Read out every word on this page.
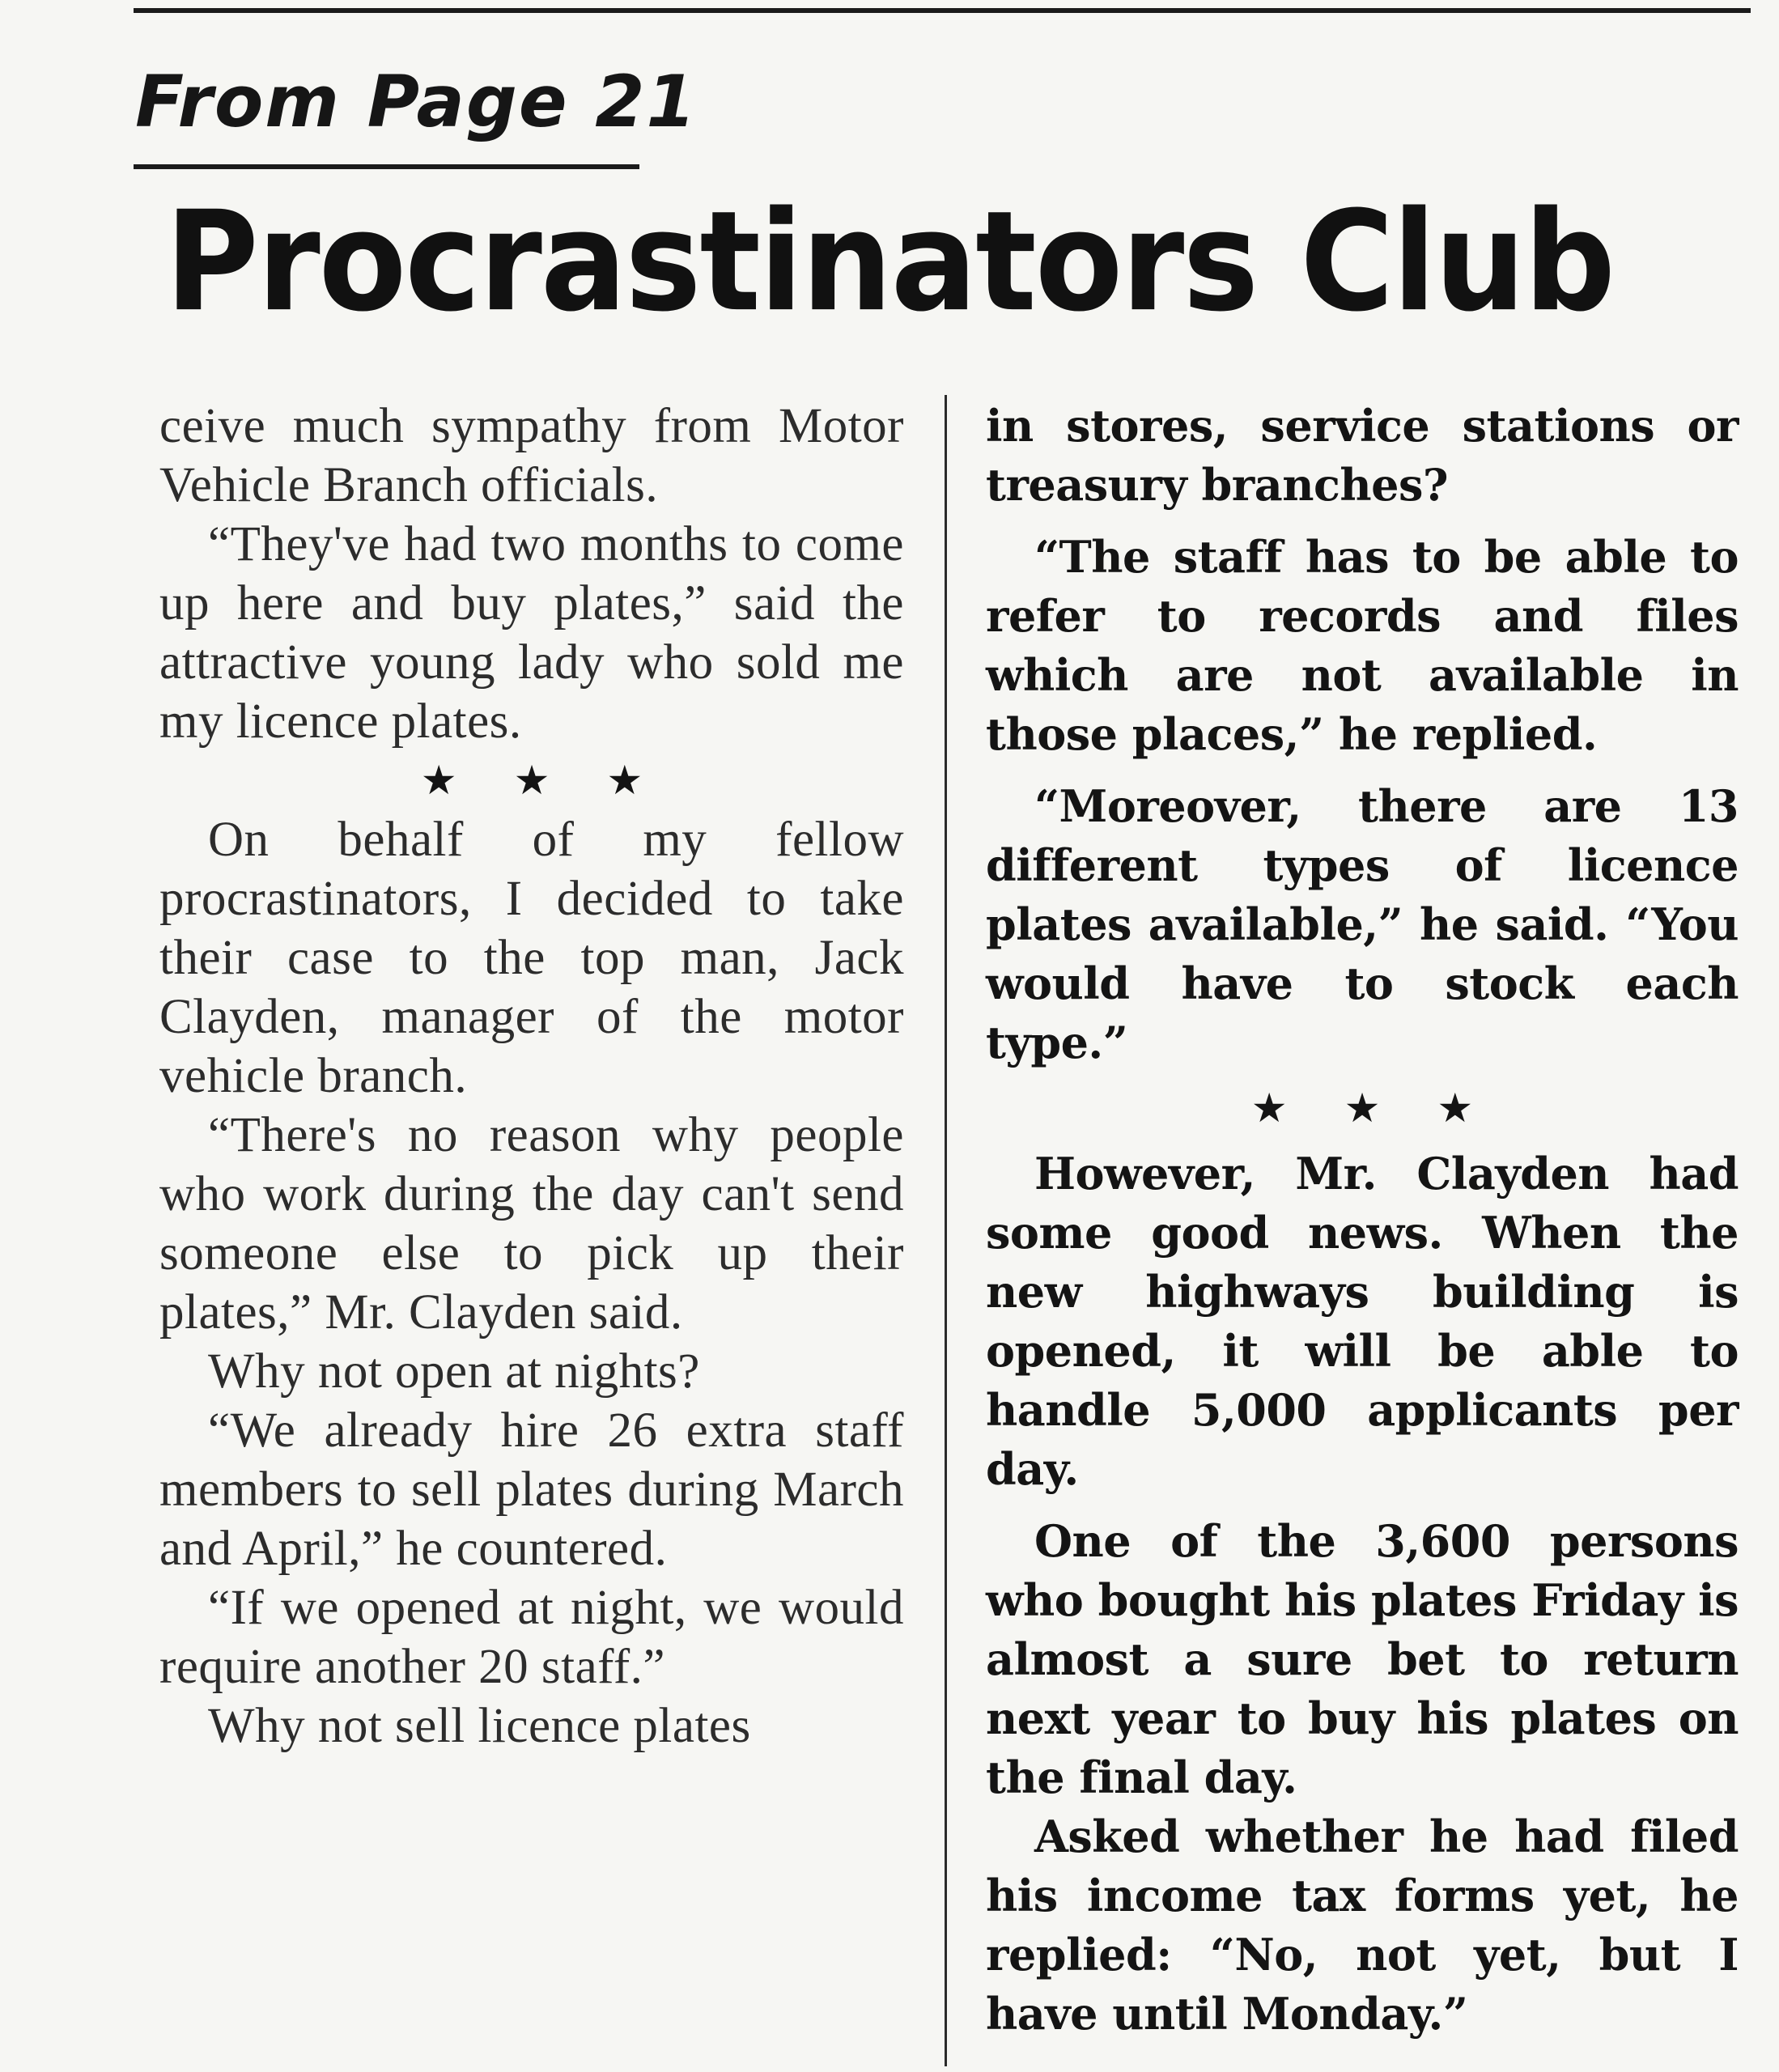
From Page 21
Procrastinators Club

ceive much sympathy from Motor Vehicle Branch officials.

“They've had two months to come up here and buy plates,” said the attractive young lady who sold me my licence plates.

★★★

On behalf of my fellow procrastinators, I decided to take their case to the top man, Jack Clayden, manager of the motor vehicle branch.

“There's no reason why people who work during the day can't send someone else to pick up their plates,” Mr. Clayden said.

Why not open at nights?

“We already hire 26 extra staff members to sell plates during March and April,” he countered.

“If we opened at night, we would require another 20 staff.”

Why not sell licence plates

in stores, service stations or treasury branches?

“The staff has to be able to refer to records and files which are not available in those places,” he replied.

“Moreover, there are 13 different types of licence plates available,” he said. “You would have to stock each type.”

★★★

However, Mr. Clayden had some good news. When the new highways building is opened, it will be able to handle 5,000 applicants per day.

One of the 3,600 persons who bought his plates Friday is almost a sure bet to return next year to buy his plates on the final day.

Asked whether he had filed his income tax forms yet, he replied: “No, not yet, but I have until Monday.”
